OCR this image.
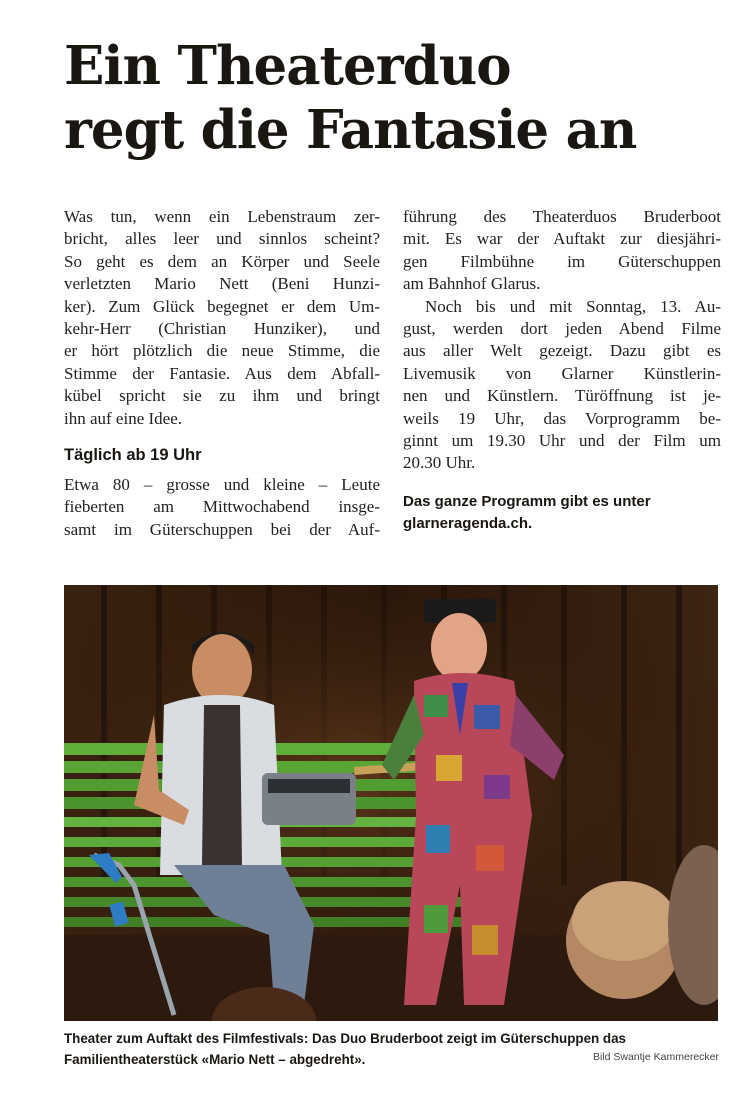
Ein Theaterduo
regt die Fantasie an

Was tun, wenn ein Lebenstraum zer-
bricht, alles leer und sinnlos scheint?
So geht es dem an Körper und Seele
verletzten Mario Nett (Beni Hunzi-
ker). Zum Glück begegnet er dem Um-
kehr-Herr (Christian Hunziker), und
er hört plötzlich die neue Stimme, die
Stimme der Fantasie. Aus dem Abfall-
kübel spricht sie zu ihm und bringt
ihn auf eine Idee.

Täglich ab 19 Uhr

Etwa 80 – grosse und kleine – Leute
fieberten am Mittwochabend insge-
samt im Güterschuppen bei der Auf-

führung des Theaterduos Bruderboot
mit. Es war der Auftakt zur diesjähri-
gen Filmbühne im Güterschuppen
am Bahnhof Glarus.

Noch bis und mit Sonntag, 13. Au-
gust, werden dort jeden Abend Filme
aus aller Welt gezeigt. Dazu gibt es
Livemusik von Glarner Künstlerin-
nen und Künstlern. Türöffnung ist je-
weils 19 Uhr, das Vorprogramm be-
ginnt um 19.30 Uhr und der Film um
20.30 Uhr.

Das ganze Programm gibt es unter
glarneragenda.ch.
Theater zum Auftakt des Filmfestivals: Das Duo Bruderboot zeigt im Güterschuppen das
Familientheaterstück «Mario Nett – abgedreht».	Bild Swantje Kammerecker
